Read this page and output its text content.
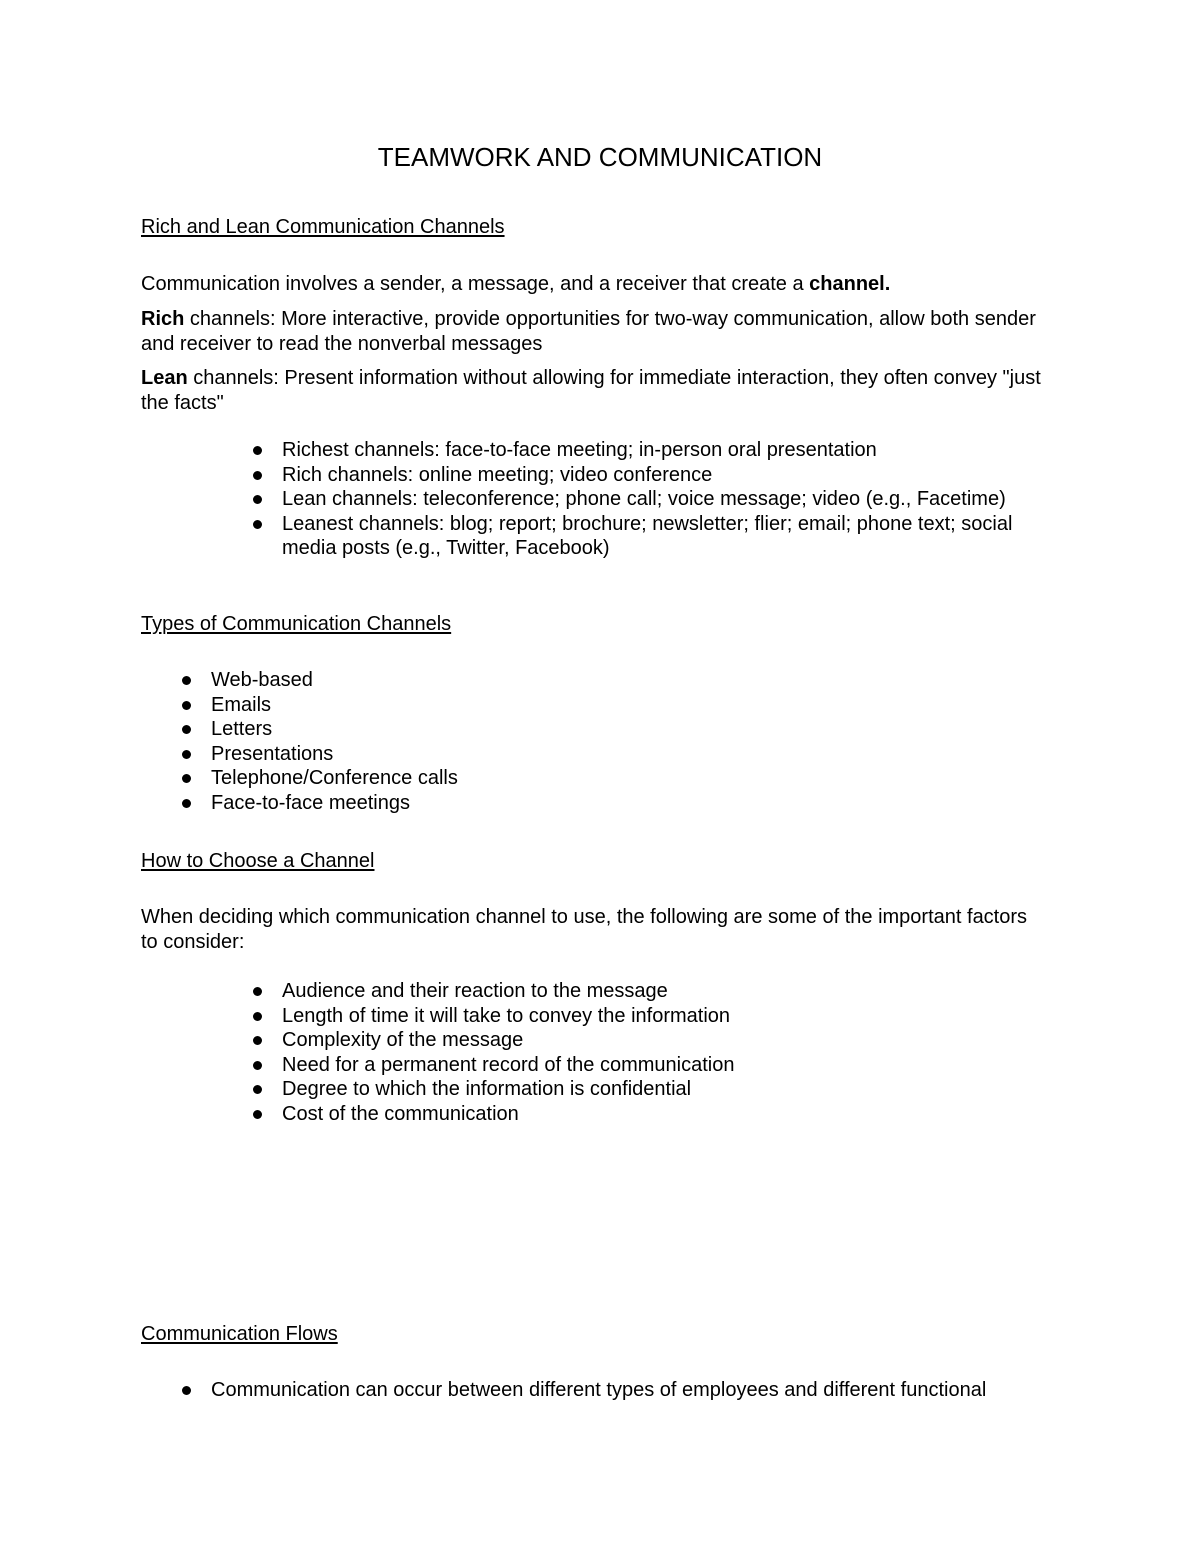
TEAMWORK AND COMMUNICATION
Rich and Lean Communication Channels
Communication involves a sender, a message, and a receiver that create a channel.
Rich channels: More interactive, provide opportunities for two-way communication, allow both sender and receiver to read the nonverbal messages
Lean channels: Present information without allowing for immediate interaction, they often convey "just the facts"
Richest channels: face-to-face meeting; in-person oral presentation
Rich channels: online meeting; video conference
Lean channels: teleconference; phone call; voice message; video (e.g., Facetime)
Leanest channels: blog; report; brochure; newsletter; flier; email; phone text; social media posts (e.g., Twitter, Facebook)
Types of Communication Channels
Web-based
Emails
Letters
Presentations
Telephone/Conference calls
Face-to-face meetings
How to Choose a Channel
When deciding which communication channel to use, the following are some of the important factors to consider:
Audience and their reaction to the message
Length of time it will take to convey the information
Complexity of the message
Need for a permanent record of the communication
Degree to which the information is confidential
Cost of the communication
Communication Flows
Communication can occur between different types of employees and different functional
